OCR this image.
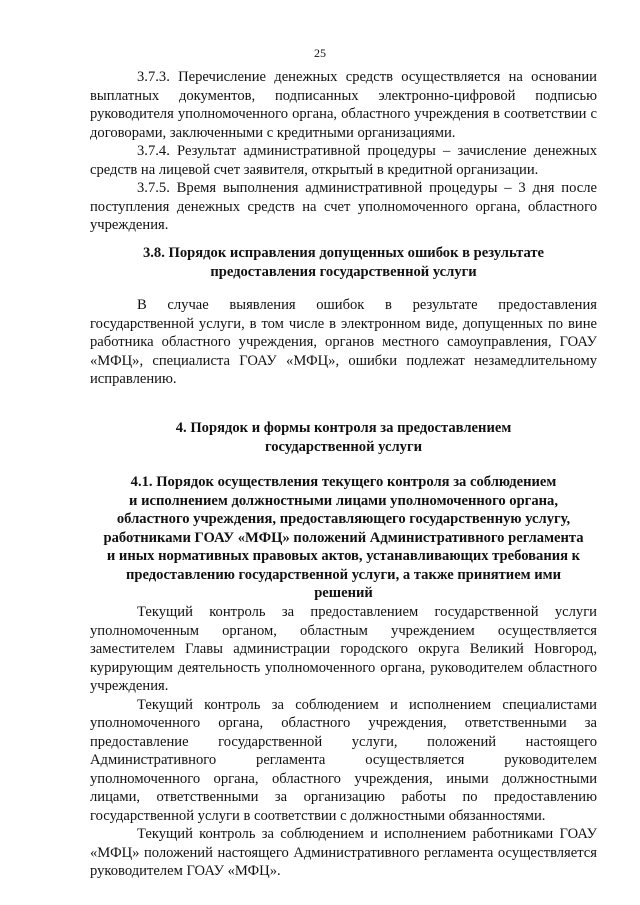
25

3.7.3. Перечисление денежных средств осуществляется на основании выплатных документов, подписанных электронно-цифровой подписью руководителя уполномоченного органа, областного учреждения в соответствии с договорами, заключенными с кредитными организациями.

3.7.4. Результат административной процедуры – зачисление денежных средств на лицевой счет заявителя, открытый в кредитной организации.

3.7.5. Время выполнения административной процедуры – 3 дня после поступления денежных средств на счет уполномоченного органа, областного учреждения.

3.8. Порядок исправления допущенных ошибок в результате
предоставления государственной услуги

В случае выявления ошибок в результате предоставления государственной услуги, в том числе в электронном виде, допущенных по вине работника областного учреждения, органов местного самоуправления, ГОАУ «МФЦ», специалиста ГОАУ «МФЦ», ошибки подлежат незамедлительному исправлению.

4. Порядок и формы контроля за предоставлением
государственной услуги
4.1. Порядок осуществления текущего контроля за соблюдением
и исполнением должностными лицами уполномоченного органа,
областного учреждения, предоставляющего государственную услугу,
работниками ГОАУ «МФЦ» положений Административного регламента
и иных нормативных правовых актов, устанавливающих требования к
предоставлению государственной услуги, а также принятием ими
решений

Текущий контроль за предоставлением государственной услуги уполномоченным органом, областным учреждением осуществляется заместителем Главы администрации городского округа Великий Новгород, курирующим деятельность уполномоченного органа, руководителем областного учреждения.

Текущий контроль за соблюдением и исполнением специалистами уполномоченного органа, областного учреждения, ответственными за предоставление государственной услуги, положений настоящего Административного регламента осуществляется руководителем уполномоченного органа, областного учреждения, иными должностными лицами, ответственными за организацию работы по предоставлению государственной услуги в соответствии с должностными обязанностями.

Текущий контроль за соблюдением и исполнением работниками ГОАУ «МФЦ» положений настоящего Административного регламента осуществляется руководителем ГОАУ «МФЦ».
